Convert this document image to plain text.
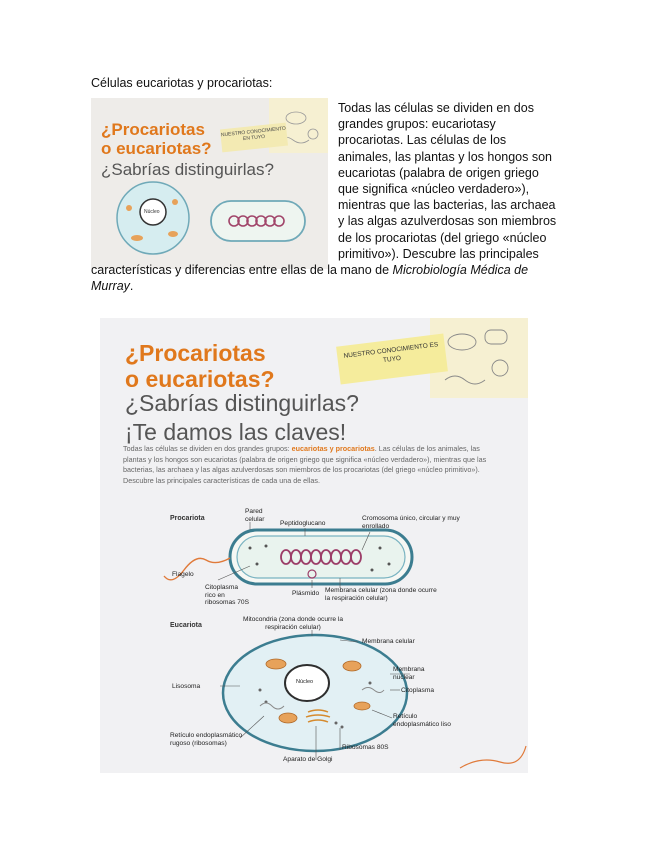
Células eucariotas y procariotas:
¿Procariotas
o eucariotas?
¿Sabrías distinguirlas?
NUESTRO CONOCIMIENTO EN TUYO
Núcleo
Todas las células se dividen en dos grandes grupos: eucariotasy procariotas. Las células de los animales, las plantas y los hongos son eucariotas (palabra de origen griego que significa «núcleo verdadero»), mientras que las bacterias, las archaea y las algas azulverdosas son miembros de los procariotas (del griego «núcleo primitivo»). Descubre las principales
características y diferencias entre ellas de la mano de Microbiología Médica de Murray.
¿Procariotas
o eucariotas?
NUESTRO CONOCIMIENTO ES TUYO
¿Sabrías distinguirlas?
¡Te damos las claves!
Todas las células se dividen en dos grandes grupos: eucariotas y procariotas. Las células de los animales, las plantas y los hongos son eucariotas (palabra de origen griego que significa «núcleo verdadero»), mientras que las bacterias, las archaea y las algas azulverdosas son miembros de los procariotas (del griego «núcleo primitivo»). Descubre las principales características de cada una de ellas.
Procariota
Pared celular
Peptidoglucano
Cromosoma único, circular y muy enrollado
Flagelo
Citoplasma rico en ribosomas 70S
Plásmido Membrana celular (zona donde ocurre la respiración celular)
Eucariota
Mitocondria (zona donde ocurre la respiración celular)
Membrana celular
Lisosoma
Membrana nuclear
Citoplasma
Núcleo
Retículo endoplasmático liso
Retículo endoplasmático rugoso (ribosomas)
Ribosomas 80S
Aparato de Golgi
